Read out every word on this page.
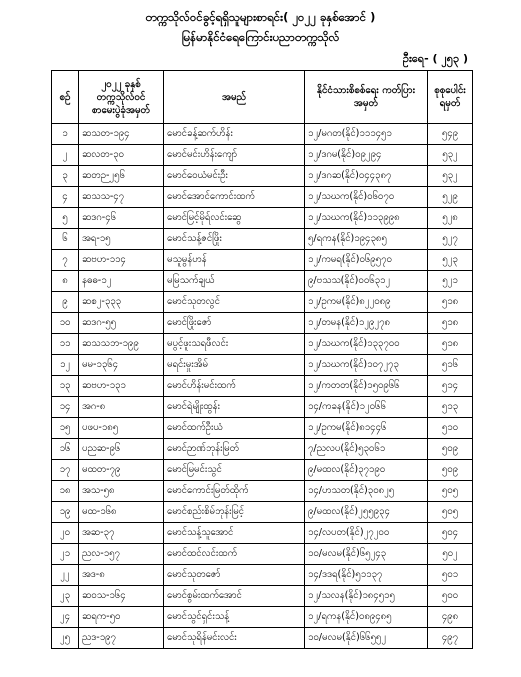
တက္ကသိုလ်ဝင်ခွင့်ရရှိသူများစာရင်း( ၂၀၂၂ ခုနှစ်အောင် )
မြန်မာနိုင်ငံရေကြောင်းပညာတက္ကသိုလ်
ဦးရေ- ( ၂၅၃ )
စဉ်	၂၀၂၂ ခုနှစ် တက္ကသိုလ်ဝင် စာမေးပွဲခုံအမှတ်	အမည်	နိုင်ငံသားစိစစ်ရေး ကတ်ပြားအမှတ်	စုစုပေါင်း ရမှတ်
၁	ဆသတ-၁၉၄	မောင်ခန့်ဆက်ဟိန်း	၁၂/မဂတ(နိုင်)၁၁၁၄၅၁	၅၄၉
၂	ဆလတ-၃၀	မောင်မင်းဟိန်းကျော်	၁၂/ဒဂမ(နိုင်)၀၉၂၉၄	၅၃၂
၃	ဆတဉ-၂၅၆	မောင်ဝေယံမင်းဦး	၁၂/ဒဂဆ(နိုင်)၀၄၄၃၈၇	၅၃၂
၄	ဆသသ-၄၇	မောင်အောင်ကောင်းထက်	၁၂/သဃက(နိုင်)၀၆၀၇၀	၅၂၉
၅	ဆဒဂ-၄၆	မောင်မြင့်မိုရ်လင်းဆွေ	၁၂/သဃက(နိုင်)၁၁၃၉၉၈	၅၂၈
၆	အရ-၁၅	မောင်သန့်ဇင်ဖြိုး	၅/ရကန(နိုင်)၁၉၄၃၈၅	၅၂၇
၇	ဆဗဟ-၁၁၄	မသူမွန်ဟန်	၁၂/ကမရ(နိုင်)၀၆၉၅၇၀	၅၂၃
၈	နဓဓ-၁၂	မမြသက်ချယ်	၉/ဗသသ(နိုင်)၀၀၆၃၁၂	၅၂၁
၉	ဆစ၂-၃၃၃	မောင်သုတလွင်	၁၂/ဥကမ(နိုင်)၈၂၂၀၈၉	၅၁၈
၁၀	ဆဒဂ-၅၅	မောင်ဖြိုးဇော်	၁၂/တမန(နိုင်)၁၂၉၂၇၈	၅၁၈
၁၁	ဆသသဘ-၁၉၉	မပွင့်ဖူးသရဖီလင်း	၁၂/သဃက(နိုင်)၁၃၃၇၀၀	၅၁၈
၁၂	မမ-၁၃၆၄	မရင်းမှုးအိမ်	၁၂/သဃက(နိုင်)၁၀၇၂၇၃	၅၁၆
၁၃	ဆဗဟ-၁၃၁	မောင်ဟိန်းမင်းထက်	၁၂/ကတတ(နိုင်)၁၅၀၉၆၆	၅၁၄
၁၄	အဂ-၈	မောင်ရဲမျိုးထွန်း	၁၄/ကခန(နိုင်)၁၂၀၆၆	၅၁၃
၁၅	ပဖပ-၁၈၅	မောင်ထက်ဦးယံ	၁၂/ဥကမ(နိုင်)၈၁၄၄၆	၅၁၀
၁၆	ပညဆ-၉၆	မောင်ဉာဏ်ဘုန်းမြတ်	၇/ညလပ(နိုင်)၅၃၀၆၁	၅၀၉
၁၇	မထတ-၇၉	မောင်မြမင်းသွင်	၉/မထလ(နိုင်)၃၇၁၉၀	၅၀၉
၁၈	အသ-၅၈	မောင်ကောင်းမြတ်ထိုက်	၁၄/ဟသတ(နိုင်)၃၀၈၂၅	၅၀၅
၁၉	မထ-၁၆၈	မောင်စည်းစိမ်ဘုန်းမြင့်	၉/မထလ(နိုင်)၂၅၅၉၃၄	၅၀၅
၂၀	အဆ-၃၇	မောင်သန့်သူအောင်	၁၄/လပတ(နိုင်)၂၇၂၀၀	၅၀၄
၂၁	ညလ-၁၅၇	မောင်ထင်လင်းထက်	၁၀/မလမ(နိုင်)၆၅၂၄၃	၅၀၂
၂၂	အဒ-၈	မောင်သုတဇော်	၁၄/ဒဒရ(နိုင်)၅၁၁၃၇	၅၀၁
၂၃	ဆဝသ-၁၆၄	မောင်စွမ်းထက်အောင်	၁၂/သလန(နိုင်)၁၈၄၅၁၅	၅၀၀
၂၄	ဆရက-၅၀	မောင်သွင်ရှင်းသန့်	၁၂/ရကန(နိုင်)၀၈၉၄၈၅	၄၉၈
၂၅	ညဒ-၁၉၇	မောင်သုရိန်မင်းလင်း	၁၀/မလမ(နိုင်)၆၆၅၅၂	၄၉၇
